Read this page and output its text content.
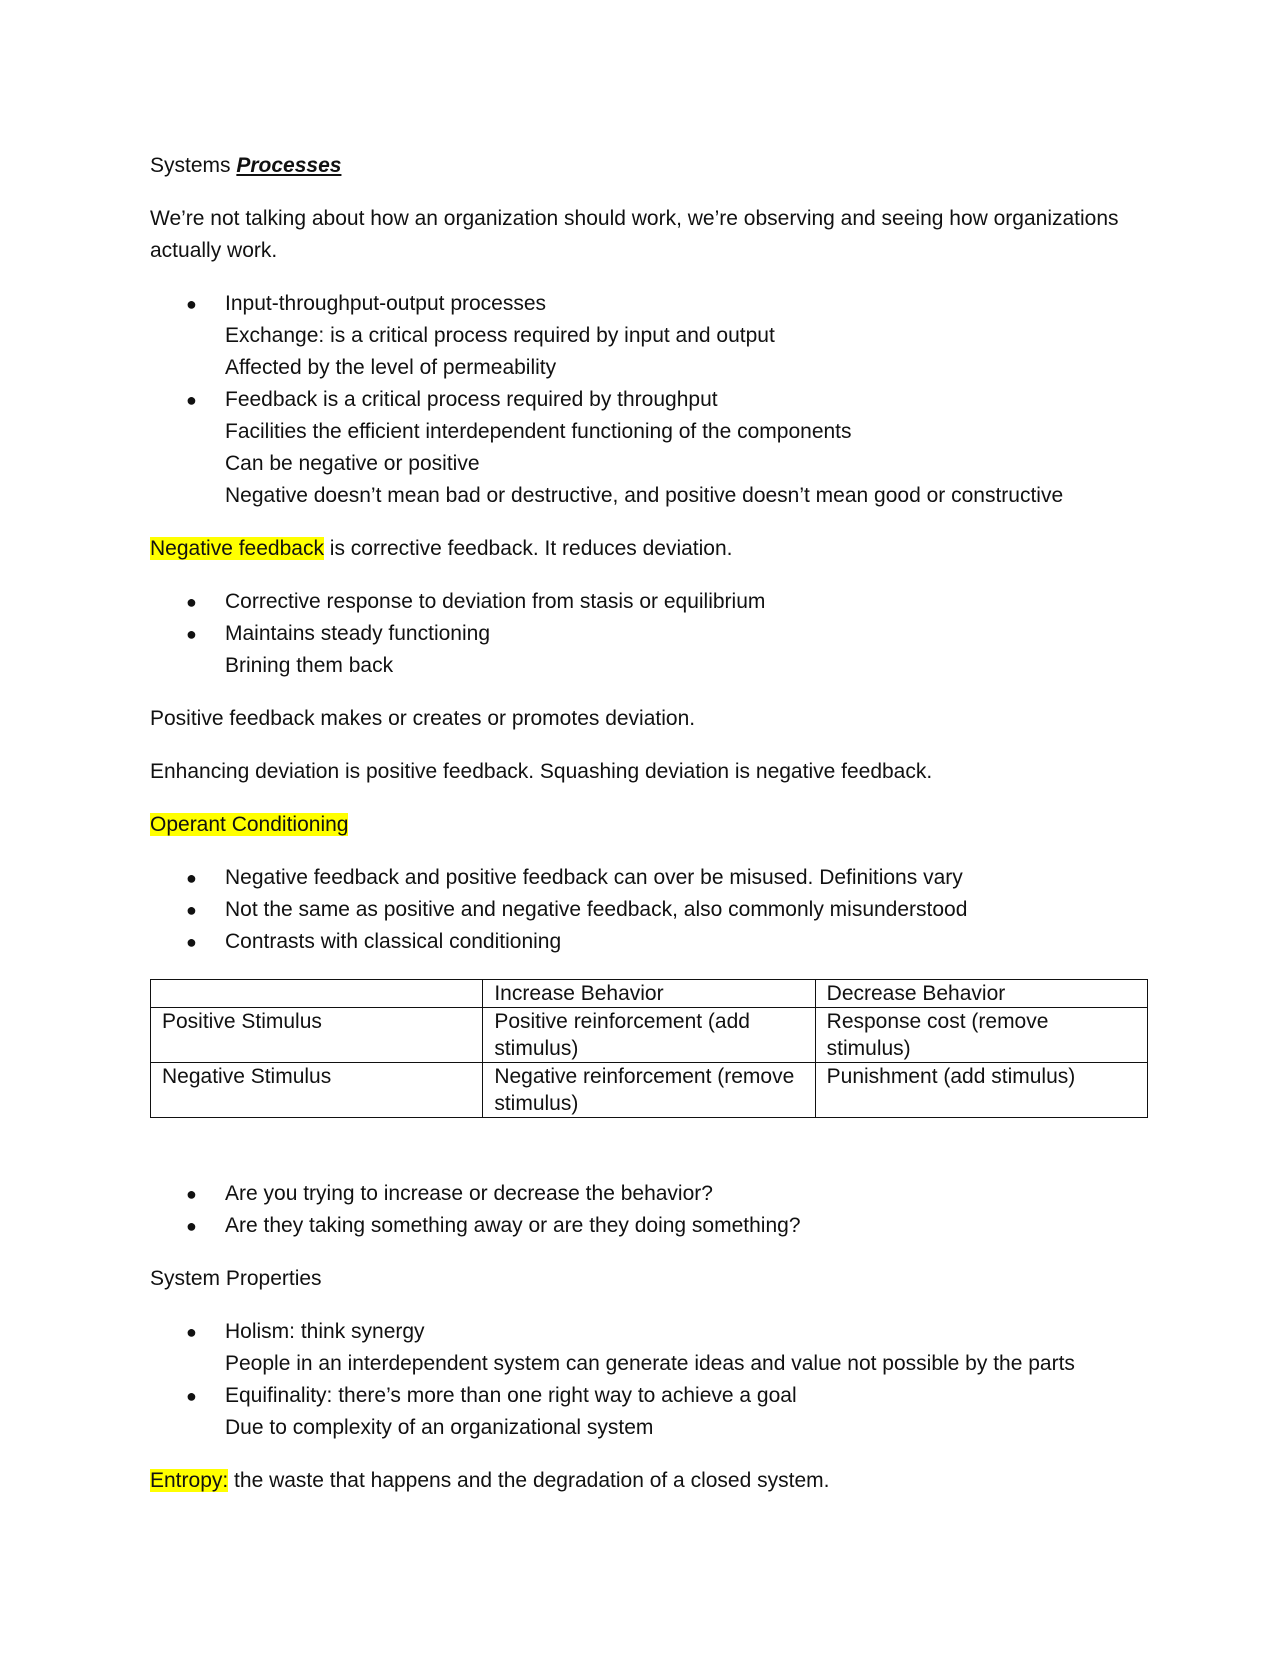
Systems Processes

We’re not talking about how an organization should work, we’re observing and seeing how organizations actually work.

● Input-throughput-output processes
Exchange: is a critical process required by input and output
Affected by the level of permeability
● Feedback is a critical process required by throughput
Facilities the efficient interdependent functioning of the components
Can be negative or positive
Negative doesn’t mean bad or destructive, and positive doesn’t mean good or constructive

Negative feedback is corrective feedback. It reduces deviation.

● Corrective response to deviation from stasis or equilibrium
● Maintains steady functioning
Brining them back

Positive feedback makes or creates or promotes deviation.

Enhancing deviation is positive feedback. Squashing deviation is negative feedback.

Operant Conditioning

● Negative feedback and positive feedback can over be misused. Definitions vary
● Not the same as positive and negative feedback, also commonly misunderstood
● Contrasts with classical conditioning
	Increase Behavior	Decrease Behavior
Positive Stimulus	Positive reinforcement (add stimulus)	Response cost (remove stimulus)
Negative Stimulus	Negative reinforcement (remove stimulus)	Punishment (add stimulus)
● Are you trying to increase or decrease the behavior?
● Are they taking something away or are they doing something?

System Properties

● Holism: think synergy
People in an interdependent system can generate ideas and value not possible by the parts
● Equifinality: there’s more than one right way to achieve a goal
Due to complexity of an organizational system

Entropy: the waste that happens and the degradation of a closed system.
